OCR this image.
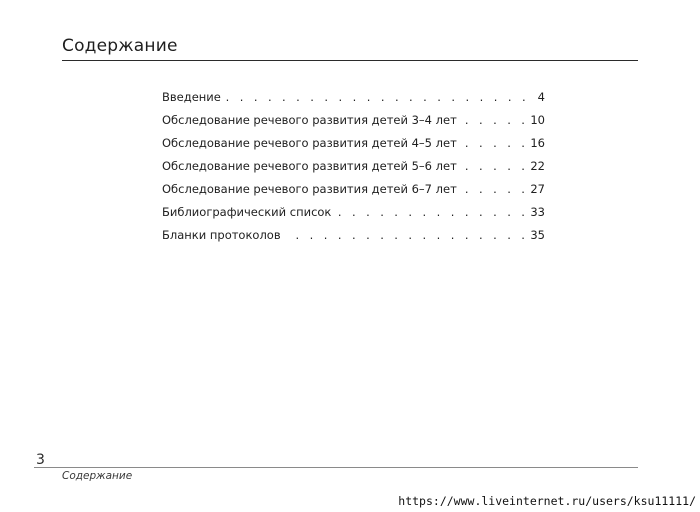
Содержание
Введение . . .	4
Обследование речевого развития детей 3–4 лет . . .	10
Обследование речевого развития детей 4–5 лет . . .	16
Обследование речевого развития детей 5–6 лет . . .	22
Обследование речевого развития детей 6–7 лет . . .	27
Библиографический список . . .	33
Бланки протоколов . . .	35
3
Содержание
https://www.liveinternet.ru/users/ksu11111/
